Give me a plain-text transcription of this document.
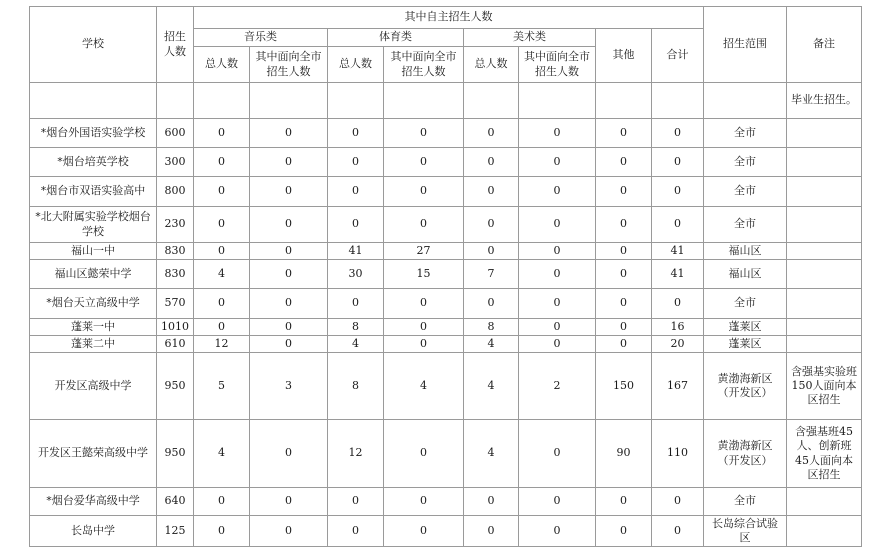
学校	招生人数	其中自主招生人数								招生范围	备注
		音乐类		体育类		美术类		其他	合计		
		总人数	其中面向全市招生人数	总人数	其中面向全市招生人数	总人数	其中面向全市招生人数				
											毕业生招生。
*烟台外国语实验学校	600	0	0	0	0	0	0	0	0	全市	
*烟台培英学校	300	0	0	0	0	0	0	0	0	全市	
*烟台市双语实验高中	800	0	0	0	0	0	0	0	0	全市	
*北大附属实验学校烟台学校	230	0	0	0	0	0	0	0	0	全市	
福山一中	830	0	0	41	27	0	0	0	41	福山区	
福山区懿荣中学	830	4	0	30	15	7	0	0	41	福山区	
*烟台天立高级中学	570	0	0	0	0	0	0	0	0	全市	
蓬莱一中	1010	0	0	8	0	8	0	0	16	蓬莱区	
蓬莱二中	610	12	0	4	0	4	0	0	20	蓬莱区	
开发区高级中学	950	5	3	8	4	4	2	150	167	黄渤海新区（开发区）	含强基实验班150人面向本区招生
开发区王懿荣高级中学	950	4	0	12	0	4	0	90	110	黄渤海新区（开发区）	含强基班45人、创新班45人面向本区招生
*烟台爱华高级中学	640	0	0	0	0	0	0	0	0	全市	
长岛中学	125	0	0	0	0	0	0	0	0	长岛综合试验区	
